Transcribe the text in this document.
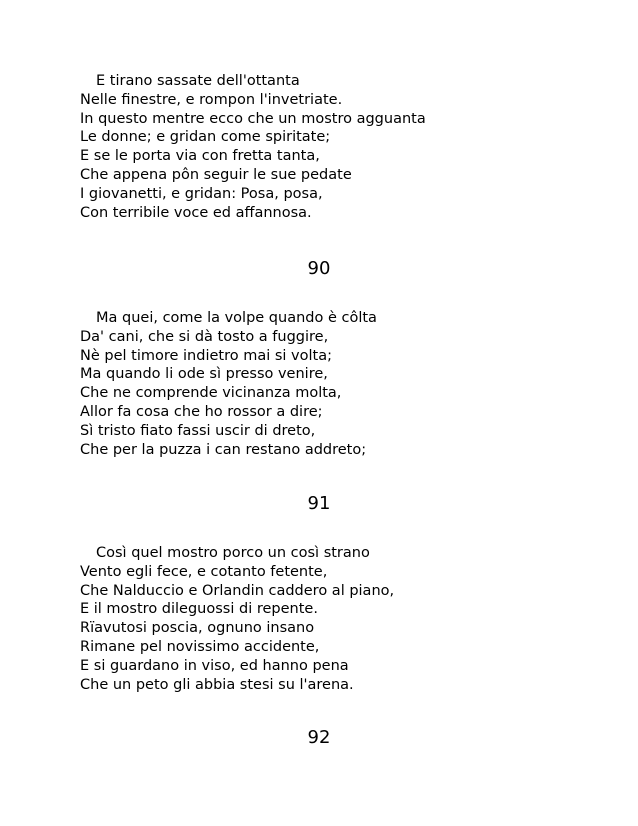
E tirano sassate dell'ottanta
Nelle finestre, e rompon l'invetriate.
In questo mentre ecco che un mostro agguanta
Le donne; e gridan come spiritate;
E se le porta via con fretta tanta,
Che appena pôn seguir le sue pedate
I giovanetti, e gridan: Posa, posa,
Con terribile voce ed affannosa.
90
Ma quei, come la volpe quando è côlta
Da' cani, che si dà tosto a fuggire,
Nè pel timore indietro mai si volta;
Ma quando li ode sì presso venire,
Che ne comprende vicinanza molta,
Allor fa cosa che ho rossor a dire;
Sì tristo fiato fassi uscir di dreto,
Che per la puzza i can restano addreto;
91
Così quel mostro porco un così strano
Vento egli fece, e cotanto fetente,
Che Nalduccio e Orlandin caddero al piano,
E il mostro dileguossi di repente.
Rïavutosi poscia, ognuno insano
Rimane pel novissimo accidente,
E si guardano in viso, ed hanno pena
Che un peto gli abbia stesi su l'arena.
92
